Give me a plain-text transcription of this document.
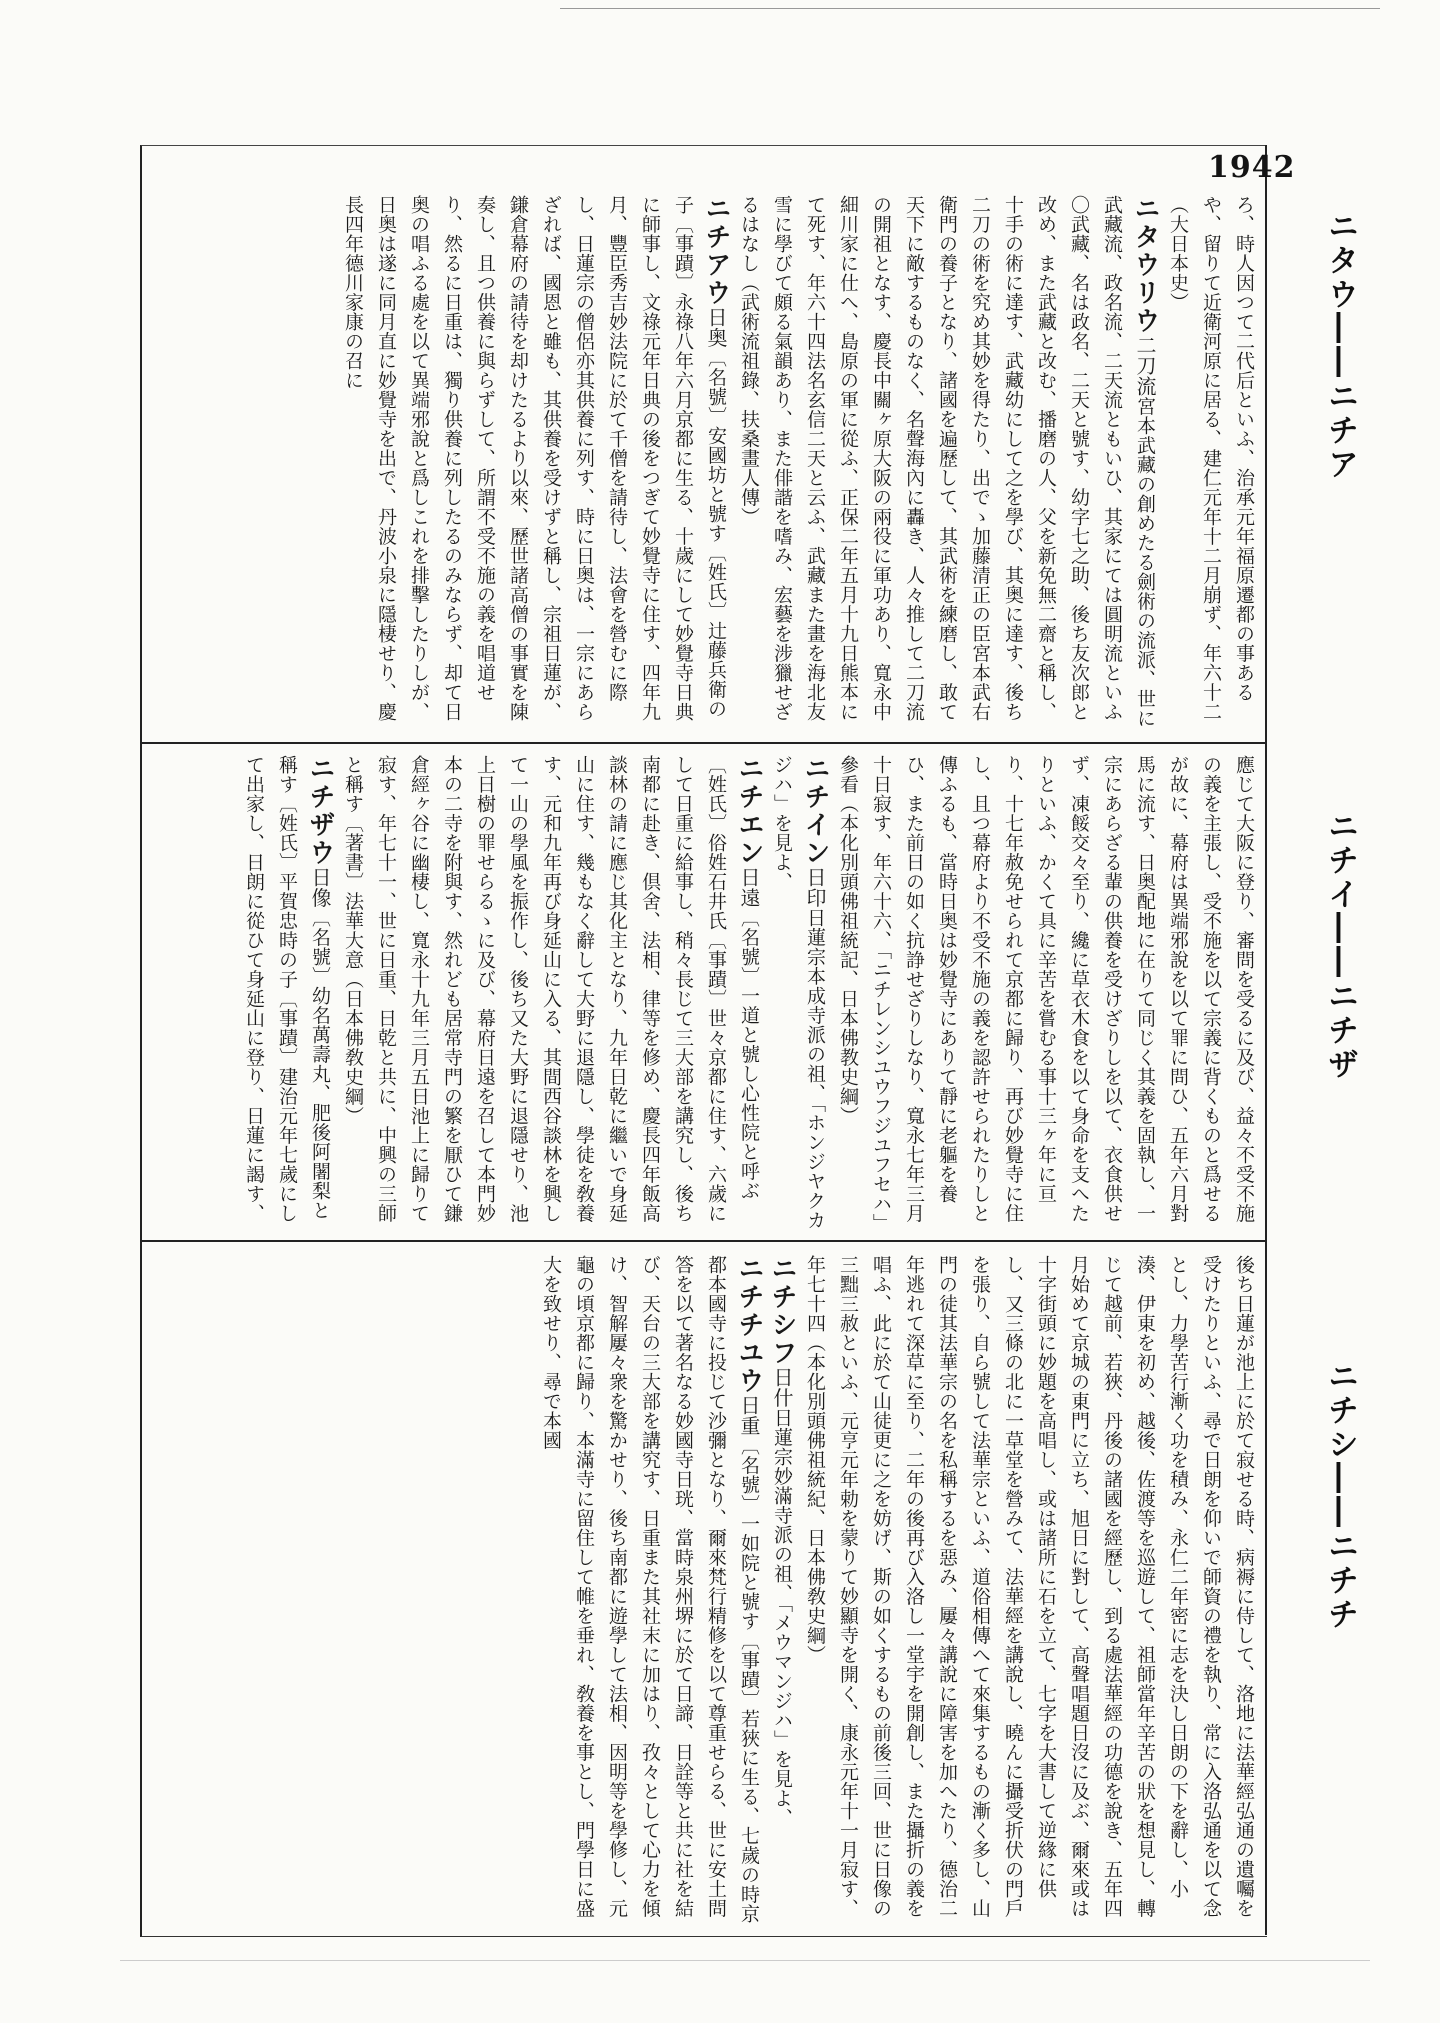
1942
ニタウ――ニチア
ニチイ――ニチザ
ニチシ――ニチチ

ろ、時人因つて二代后といふ、治承元年福原遷都の事あるや、留りて近衛河原に居る、建仁元年十二月崩ず、年六十二（大日本史）

ニタウリウ二刀流宮本武藏の創めたる劍術の流派、世に武藏流、政名流、二天流ともいひ、其家にては圓明流といふ〇武藏、名は政名、二天と號す、幼字七之助、後ち友次郎と改め、また武藏と改む、播磨の人、父を新免無二齋と稱し、十手の術に達す、武藏幼にして之を學び、其奥に達す、後ち二刀の術を究め其妙を得たり、出でゝ加藤清正の臣宮本武右衛門の養子となり、諸國を遍歷して、其武術を練磨し、敢て天下に敵するものなく、名聲海內に轟き、人々推して二刀流の開祖となす、慶長中關ヶ原大阪の兩役に軍功あり、寬永中細川家に仕へ、島原の軍に從ふ、正保二年五月十九日熊本にて死す、年六十四法名玄信二天と云ふ、武藏また畫を海北友雪に學びて頗る氣韻あり、また俳諧を嗜み、宏藝を涉獵せざるはなし（武術流祖錄、扶桑畫人傳）

ニチアウ日奥〔名號〕安國坊と號す〔姓氏〕辻藤兵衛の子〔事蹟〕永祿八年六月京都に生る、十歲にして妙覺寺日典に師事し、文祿元年日典の後をつぎて妙覺寺に住す、四年九月、豐臣秀吉妙法院に於て千僧を請待し、法會を營むに際し、日蓮宗の僧侶亦其供養に列す、時に日奥は、一宗にあらざれば、國恩と雖も、其供養を受けずと稱し、宗祖日蓮が、鎌倉幕府の請待を却けたるより以來、歷世諸高僧の事實を陳奏し、且つ供養に與らずして、所謂不受不施の義を唱道せり、然るに日重は、獨り供養に列したるのみならず、却て日奥の唱ふる處を以て異端邪說と爲しこれを排擊したりしが、日奥は遂に同月直に妙覺寺を出で、丹波小泉に隱棲せり、慶長四年德川家康の召に

應じて大阪に登り、審問を受るに及び、益々不受不施の義を主張し、受不施を以て宗義に背くものと爲せるが故に、幕府は異端邪說を以て罪に問ひ、五年六月對馬に流す、日奥配地に在りて同じく其義を固執し、一宗にあらざる輩の供養を受けざりしを以て、衣食供せず、凍餒交々至り、纔に草衣木食を以て身命を支へたりといふ、かくて具に辛苦を嘗むる事十三ヶ年に亘り、十七年赦免せられて京都に歸り、再び妙覺寺に住し、且つ幕府より不受不施の義を認許せられたりしと傳ふるも、當時日奥は妙覺寺にありて靜に老軀を養ひ、また前日の如く抗諍せざりしなり、寬永七年三月十日寂す、年六十六、「ニチレンシユウフジユフセハ」參看（本化別頭佛祖統記、日本佛教史綱）

ニチイン日印日蓮宗本成寺派の祖、「ホンジヤクカジハ」を見よ、

ニチエン日遠〔名號〕一道と號し心性院と呼ぶ〔姓氏〕俗姓石井氏〔事蹟〕世々京都に住す、六歲にして日重に給事し、稍々長じて三大部を講究し、後ち南都に赴き、倶舍、法相、律等を修め、慶長四年飯高談林の請に應じ其化主となり、九年日乾に繼いで身延山に住す、幾もなく辭して大野に退隱し、學徒を敎養す、元和九年再び身延山に入る、其間西谷談林を興して一山の學風を振作し、後ち又た大野に退隱せり、池上日樹の罪せらるゝに及び、幕府日遠を召して本門妙本の二寺を附與す、然れども居常寺門の繁を厭ひて鎌倉經ヶ谷に幽棲し、寬永十九年三月五日池上に歸りて寂す、年七十一、世に日重、日乾と共に、中興の三師と稱す〔著書〕法華大意（日本佛敎史綱）

ニチザウ日像〔名號〕幼名萬壽丸、肥後阿闍梨と稱す〔姓氏〕平賀忠時の子〔事蹟〕建治元年七歲にして出家し、日朗に從ひて身延山に登り、日蓮に謁す、

後ち日蓮が池上に於て寂せる時、病褥に侍して、洛地に法華經弘通の遺囑を受けたりといふ、尋で日朗を仰いで師資の禮を執り、常に入洛弘通を以て念とし、力學苦行漸く功を積み、永仁二年密に志を決し日朗の下を辭し、小湊、伊東を初め、越後、佐渡等を巡遊して、祖師當年辛苦の狀を想見し、轉じて越前、若狹、丹後の諸國を經歷し、到る處法華經の功德を說き、五年四月始めて京城の東門に立ち、旭日に對して、高聲唱題日沒に及ぶ、爾來或は十字街頭に妙題を高唱し、或は諸所に石を立て、七字を大書して逆緣に供し、又三條の北に一草堂を營みて、法華經を講說し、曉んに攝受折伏の門戶を張り、自ら號して法華宗といふ、道俗相傳へて來集するもの漸く多し、山門の徒其法華宗の名を私稱するを惡み、屢々講說に障害を加へたり、德治二年逃れて深草に至り、二年の後再び入洛し一堂宇を開創し、また攝折の義を唱ふ、此に於て山徒更に之を妨げ、斯の如くするもの前後三回、世に日像の三黜三赦といふ、元亨元年勅を蒙りて妙顯寺を開く、康永元年十一月寂す、年七十四（本化別頭佛祖統紀、日本佛敎史綱）

ニチシフ日什日蓮宗妙滿寺派の祖、「メウマンジハ」を見よ、

ニチチユウ日重〔名號〕一如院と號す〔事蹟〕若狹に生る、七歲の時京都本國寺に投じて沙彌となり、爾來梵行精修を以て尊重せらる、世に安土問答を以て著名なる妙國寺日珖、當時泉州堺に於て日諦、日詮等と共に社を結び、天台の三大部を講究す、日重また其社末に加はり、孜々として心力を傾け、智解屢々衆を驚かせり、後ち南都に遊學して法相、因明等を學修し、元龜の頃京都に歸り、本滿寺に留住して帷を垂れ、敎養を事とし、門學日に盛大を致せり、尋で本國
